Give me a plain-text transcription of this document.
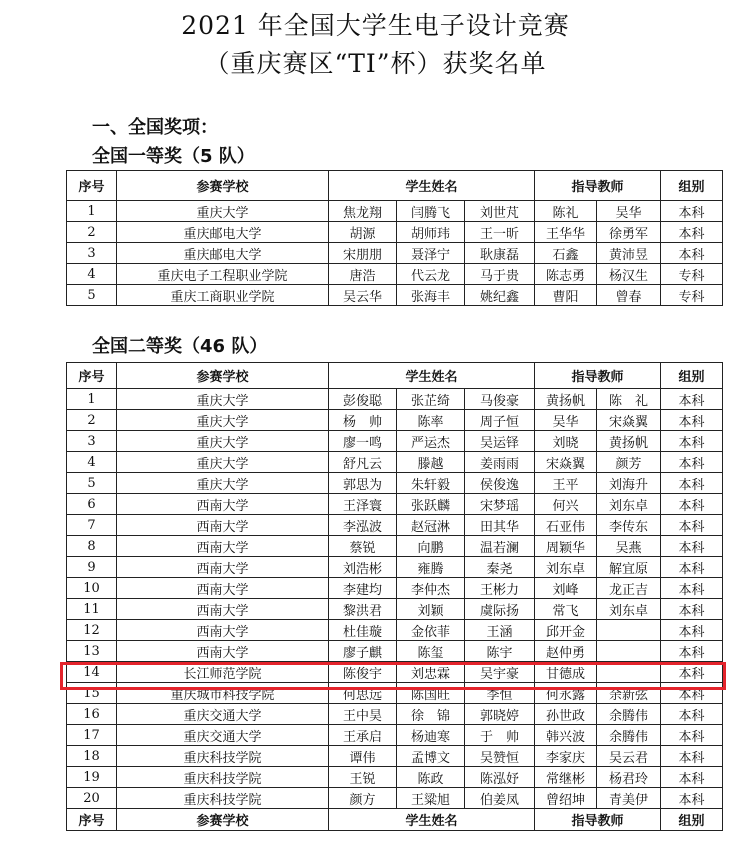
2021 年全国大学生电子设计竞赛
（重庆赛区“TI”杯）获奖名单
一、全国奖项：
全国一等奖（5 队）
序号	参赛学校	学生姓名			指导教师		组别
1	重庆大学	焦龙翔	闫腾飞	刘世芃	陈礼	吴华	本科
2	重庆邮电大学	胡源	胡师玮	王一昕	王华华	徐勇军	本科
3	重庆邮电大学	宋朋朋	聂泽宁	耿康磊	石鑫	黄沛昱	本科
4	重庆电子工程职业学院	唐浩	代云龙	马于贵	陈志勇	杨汉生	专科
5	重庆工商职业学院	吴云华	张海丰	姚纪鑫	曹阳	曾春	专科
全国二等奖（46 队）
序号	参赛学校	学生姓名			指导教师		组别
1	重庆大学	彭俊聪	张芷绮	马俊豪	黄扬帆	陈　礼	本科
2	重庆大学	杨　帅	陈率	周子恒	吴华	宋焱翼	本科
3	重庆大学	廖一鸣	严运杰	吴运铎	刘晓	黄扬帆	本科
4	重庆大学	舒凡云	滕越	姜雨雨	宋焱翼	颜芳	本科
5	重庆大学	郭思为	朱轩毅	侯俊逸	王平	刘海升	本科
6	西南大学	王泽寰	张跃麟	宋梦瑶	何兴	刘东卓	本科
7	西南大学	李泓波	赵冠淋	田其华	石亚伟	李传东	本科
8	西南大学	蔡锐	向鹏	温若澜	周颖华	吴燕	本科
9	西南大学	刘浩彬	雍腾	秦尧	刘东卓	解宜原	本科
10	西南大学	李建均	李仲杰	王彬力	刘峰	龙正吉	本科
11	西南大学	黎洪君	刘颖	虞际扬	常飞	刘东卓	本科
12	西南大学	杜佳璇	金依菲	王涵	邱开金		本科
13	西南大学	廖子麒	陈玺	陈宇	赵仲勇		本科
14	长江师范学院	陈俊宇	刘忠霖	吴宇豪	甘德成		本科
15	重庆城市科技学院	何思远	陈国旺	李恒	何永露	余新弦	本科
16	重庆交通大学	王中昊	徐　锦	郭晓婷	孙世政	余腾伟	本科
17	重庆交通大学	王承启	杨迪寒	于　帅	韩兴波	余腾伟	本科
18	重庆科技学院	谭伟	孟博文	吴赞恒	李家庆	吴云君	本科
19	重庆科技学院	王锐	陈政	陈泓妤	常继彬	杨君玲	本科
20	重庆科技学院	颜方	王粱旭	伯姜凤	曾绍坤	青美伊	本科
序号	参赛学校	学生姓名			指导教师		组别
